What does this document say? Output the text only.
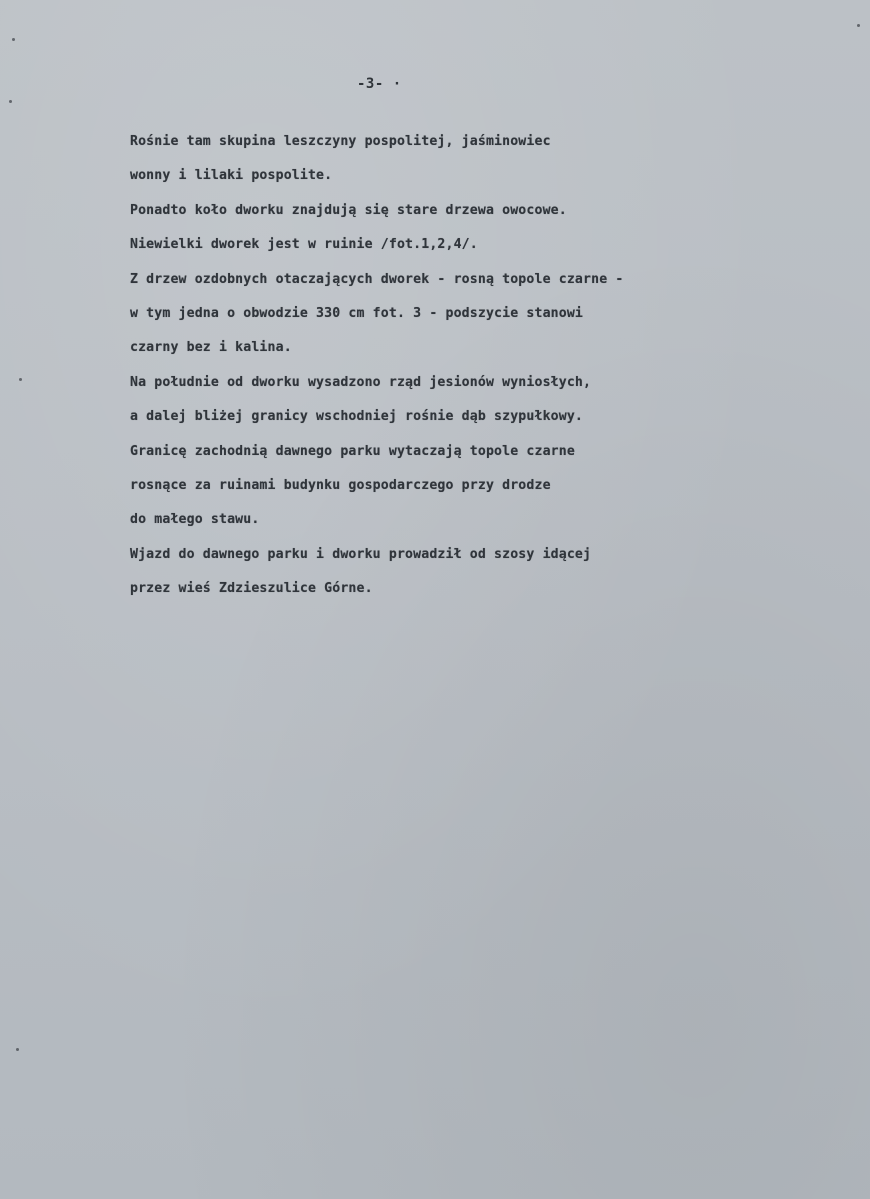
-3- ·
Rośnie tam skupina leszczyny pospolitej, jaśminowiec
wonny i lilaki pospolite.
Ponadto koło dworku znajdują się stare drzewa owocowe.
Niewielki dworek jest w ruinie /fot.1,2,4/.
Z drzew ozdobnych otaczających dworek - rosną topole czarne -
w tym jedna o obwodzie 330 cm fot. 3 - podszycie stanowi
czarny bez i kalina.
Na południe od dworku wysadzono rząd jesionów wyniosłych,
a dalej bliżej granicy wschodniej rośnie dąb szypułkowy.
Granicę zachodnią dawnego parku wytaczają topole czarne
rosnące za ruinami budynku gospodarczego przy drodze
do małego stawu.
Wjazd do dawnego parku i dworku prowadził od szosy idącej
przez wieś Zdzieszulice Górne.
